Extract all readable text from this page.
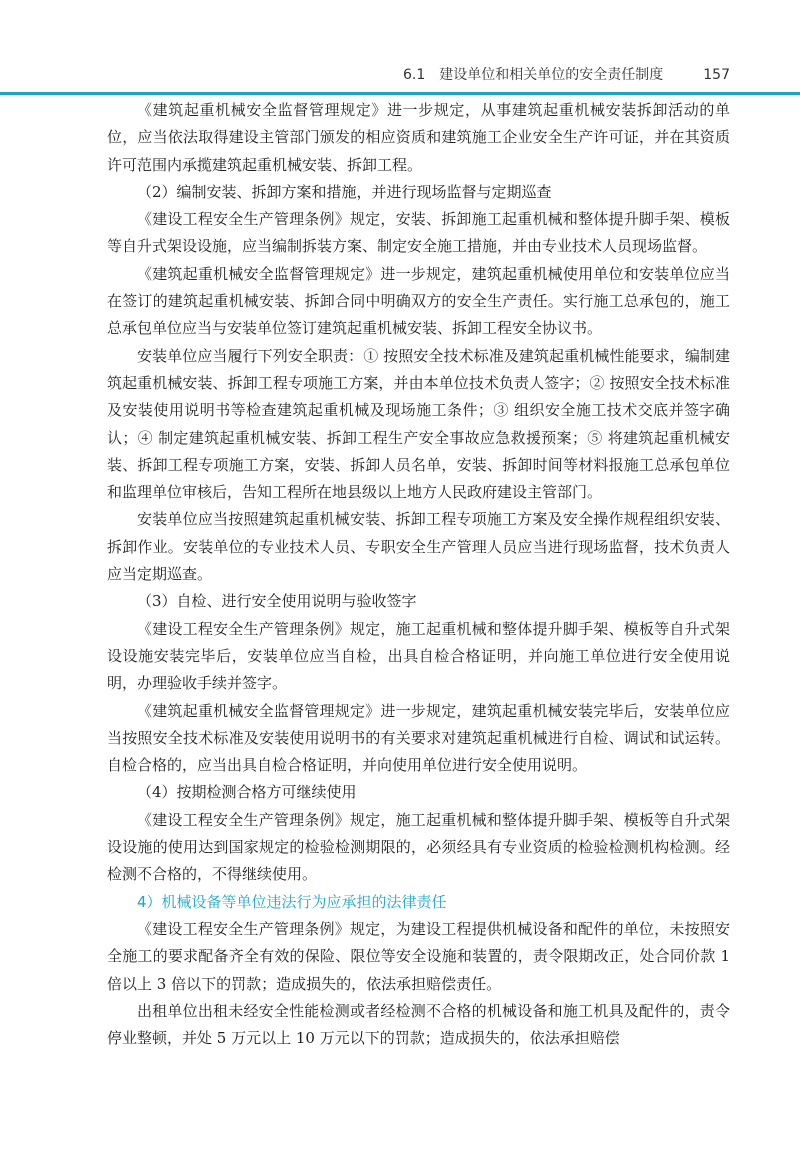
6.1　建设单位和相关单位的安全责任制度	157

《建筑起重机械安全监督管理规定》进一步规定，从事建筑起重机械安装拆卸活动的单位，应当依法取得建设主管部门颁发的相应资质和建筑施工企业安全生产许可证，并在其资质许可范围内承揽建筑起重机械安装、拆卸工程。

（2）编制安装、拆卸方案和措施，并进行现场监督与定期巡查

《建设工程安全生产管理条例》规定，安装、拆卸施工起重机械和整体提升脚手架、模板等自升式架设设施，应当编制拆装方案、制定安全施工措施，并由专业技术人员现场监督。

《建筑起重机械安全监督管理规定》进一步规定，建筑起重机械使用单位和安装单位应当在签订的建筑起重机械安装、拆卸合同中明确双方的安全生产责任。实行施工总承包的，施工总承包单位应当与安装单位签订建筑起重机械安装、拆卸工程安全协议书。

安装单位应当履行下列安全职责：① 按照安全技术标准及建筑起重机械性能要求，编制建筑起重机械安装、拆卸工程专项施工方案，并由本单位技术负责人签字；② 按照安全技术标准及安装使用说明书等检查建筑起重机械及现场施工条件；③ 组织安全施工技术交底并签字确认；④ 制定建筑起重机械安装、拆卸工程生产安全事故应急救援预案；⑤ 将建筑起重机械安装、拆卸工程专项施工方案，安装、拆卸人员名单，安装、拆卸时间等材料报施工总承包单位和监理单位审核后，告知工程所在地县级以上地方人民政府建设主管部门。

安装单位应当按照建筑起重机械安装、拆卸工程专项施工方案及安全操作规程组织安装、拆卸作业。安装单位的专业技术人员、专职安全生产管理人员应当进行现场监督，技术负责人应当定期巡查。

（3）自检、进行安全使用说明与验收签字

《建设工程安全生产管理条例》规定，施工起重机械和整体提升脚手架、模板等自升式架设设施安装完毕后，安装单位应当自检，出具自检合格证明，并向施工单位进行安全使用说明，办理验收手续并签字。

《建筑起重机械安全监督管理规定》进一步规定，建筑起重机械安装完毕后，安装单位应当按照安全技术标准及安装使用说明书的有关要求对建筑起重机械进行自检、调试和试运转。自检合格的，应当出具自检合格证明，并向使用单位进行安全使用说明。

（4）按期检测合格方可继续使用

《建设工程安全生产管理条例》规定，施工起重机械和整体提升脚手架、模板等自升式架设设施的使用达到国家规定的检验检测期限的，必须经具有专业资质的检验检测机构检测。经检测不合格的，不得继续使用。

4）机械设备等单位违法行为应承担的法律责任

《建设工程安全生产管理条例》规定，为建设工程提供机械设备和配件的单位，未按照安全施工的要求配备齐全有效的保险、限位等安全设施和装置的，责令限期改正，处合同价款 1 倍以上 3 倍以下的罚款；造成损失的，依法承担赔偿责任。

出租单位出租未经安全性能检测或者经检测不合格的机械设备和施工机具及配件的，责令停业整顿，并处 5 万元以上 10 万元以下的罚款；造成损失的，依法承担赔偿
